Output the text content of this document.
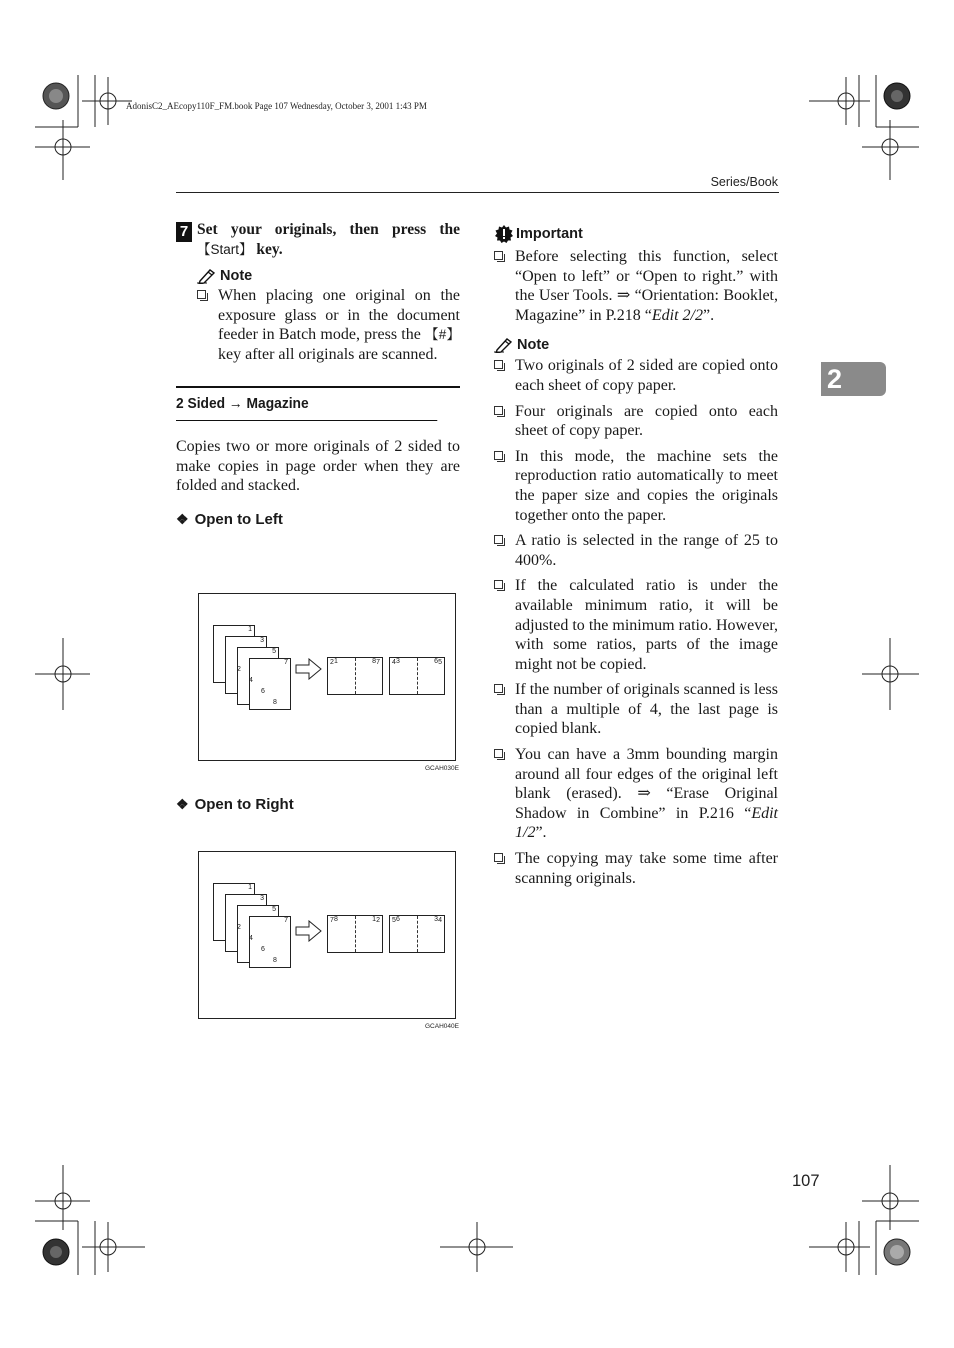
AdonisC2_AEcopy110F_FM.book Page 107 Wednesday, October 3, 2001 1:43 PM
Series/Book
2
107
7 Set your originals, then press the 【Start】 key.
Note
When placing one original on the exposure glass or in the document feeder in Batch mode, press the 【#】 key after all originals are scanned.
2 Sided → Magazine
Copies two or more originals of 2 sided to make copies in page order when they are folded and stacked.
❖ Open to Left
1
3
5
7
2
4
6
2	7
1	8 4	5
3	6
GCAH030E
❖ Open to Right
1
3
5
7
2
4
6
7	2
8	1 5	4
6	3
GCAH040E
Important
Before selecting this function, select “Open to left” or “Open to right.” with the User Tools. ⇒ “Orientation: Booklet, Magazine” in P.218 “Edit 2/2”.
Note
Two originals of 2 sided are copied onto each sheet of copy paper.
Four originals are copied onto each sheet of copy paper.
In this mode, the machine sets the reproduction ratio automatically to meet the paper size and copies the originals together onto the paper.
A ratio is selected in the range of 25 to 400%.
If the calculated ratio is under the available minimum ratio, it will be adjusted to the minimum ratio. However, with some ratios, parts of the image might not be copied.
If the number of originals scanned is less than a multiple of 4, the last page is copied blank.
You can have a 3mm bounding margin around all four edges of the original left blank (erased). ⇒ “Erase Original Shadow in Combine” in P.216 “Edit 1/2”.
The copying may take some time after scanning originals.
